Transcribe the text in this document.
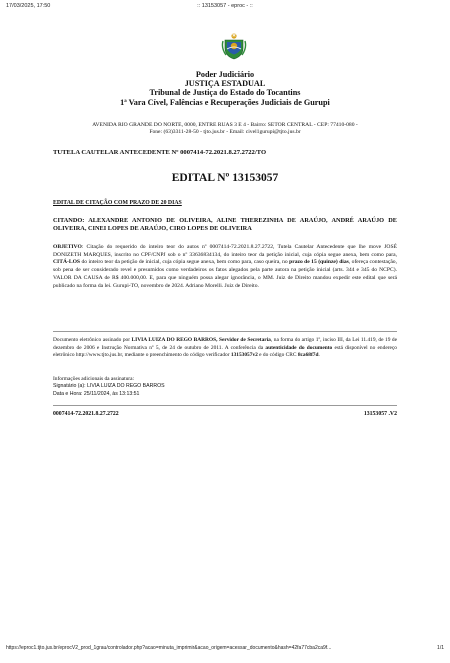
17/03/2025, 17:50	:: 13153057 - eproc - ::
Poder Judiciário
JUSTIÇA ESTADUAL
Tribunal de Justiça do Estado do Tocantins
1ª Vara Cível, Falências e Recuperações Judiciais de Gurupi
AVENIDA RIO GRANDE DO NORTE, 0000, ENTRE RUAS 3 E 4 - Bairro: SETOR CENTRAL - CEP: 77410-080 -
Fone: (63)3311-28-50 - tjto.jus.br - Email: civel1gurupi@tjto.jus.br
TUTELA CAUTELAR ANTECEDENTE Nº 0007414-72.2021.8.27.2722/TO
EDITAL Nº 13153057
EDITAL DE CITAÇÃO COM PRAZO DE 20 DIAS
CITANDO: ALEXANDRE ANTONIO DE OLIVEIRA, ALINE THEREZINHA DE ARAÚJO, ANDRÉ ARAÚJO DE OLIVEIRA, CINEI LOPES DE ARAÚJO, CIRO LOPES DE OLIVEIRA
OBJETIVO: Citação do requerido do inteiro teor do autos nº 0007414-72.2021.8.27.2722, Tutela Cautelar Antecedente que lhe move JOSÉ DONIZETH MARQUES, inscrito no CPF/CNPJ sob o nº 33636834134, do inteiro teor da petição inicial, cuja cópia segue anexa, bem como para, CITÁ-LOS do inteiro teor da petição de inicial, cuja cópia segue anexa, bem como para, caso queira, no prazo de 15 (quinze) dias, ofereça contestação, sob pena de ser considerado revel e presumidos como verdadeiros os fatos alegados pela parte autora na petição inicial (arts. 344 e 345 do NCPC). VALOR DA CAUSA de R$ 400.000,00. E, para que ninguém possa alegar ignorância, o MM. Juiz de Direito mandou expedir este edital que será publicado na forma da lei. Gurupi-TO, novembro de 2024. Adriano Morelli. Juiz de Direito.
Documento eletrônico assinado por LIVIA LUIZA DO REGO BARROS, Servidor de Secretaria, na forma do artigo 1º, inciso III, da Lei 11.419, de 19 de dezembro de 2006 e Instrução Normativa nº 5, de 24 de outubro de 2011. A conferência da autenticidade do documento está disponível no endereço eletrônico http://www.tjto.jus.br, mediante o preenchimento do código verificador 13153057v2 e do código CRC 8ca68f7d.
Informações adicionais da assinatura:
Signatário (a): LIVIA LUIZA DO REGO BARROS
Data e Hora: 25/11/2024, às 13:13:51
0007414-72.2021.8.27.2722	13153057 .V2
https://eproc1.tjto.jus.br/eprocV2_prod_1grau/controlador.php?acao=minuta_imprimir&acao_origem=acessar_documento&hash=42fa77cba2ca9f...	1/1
